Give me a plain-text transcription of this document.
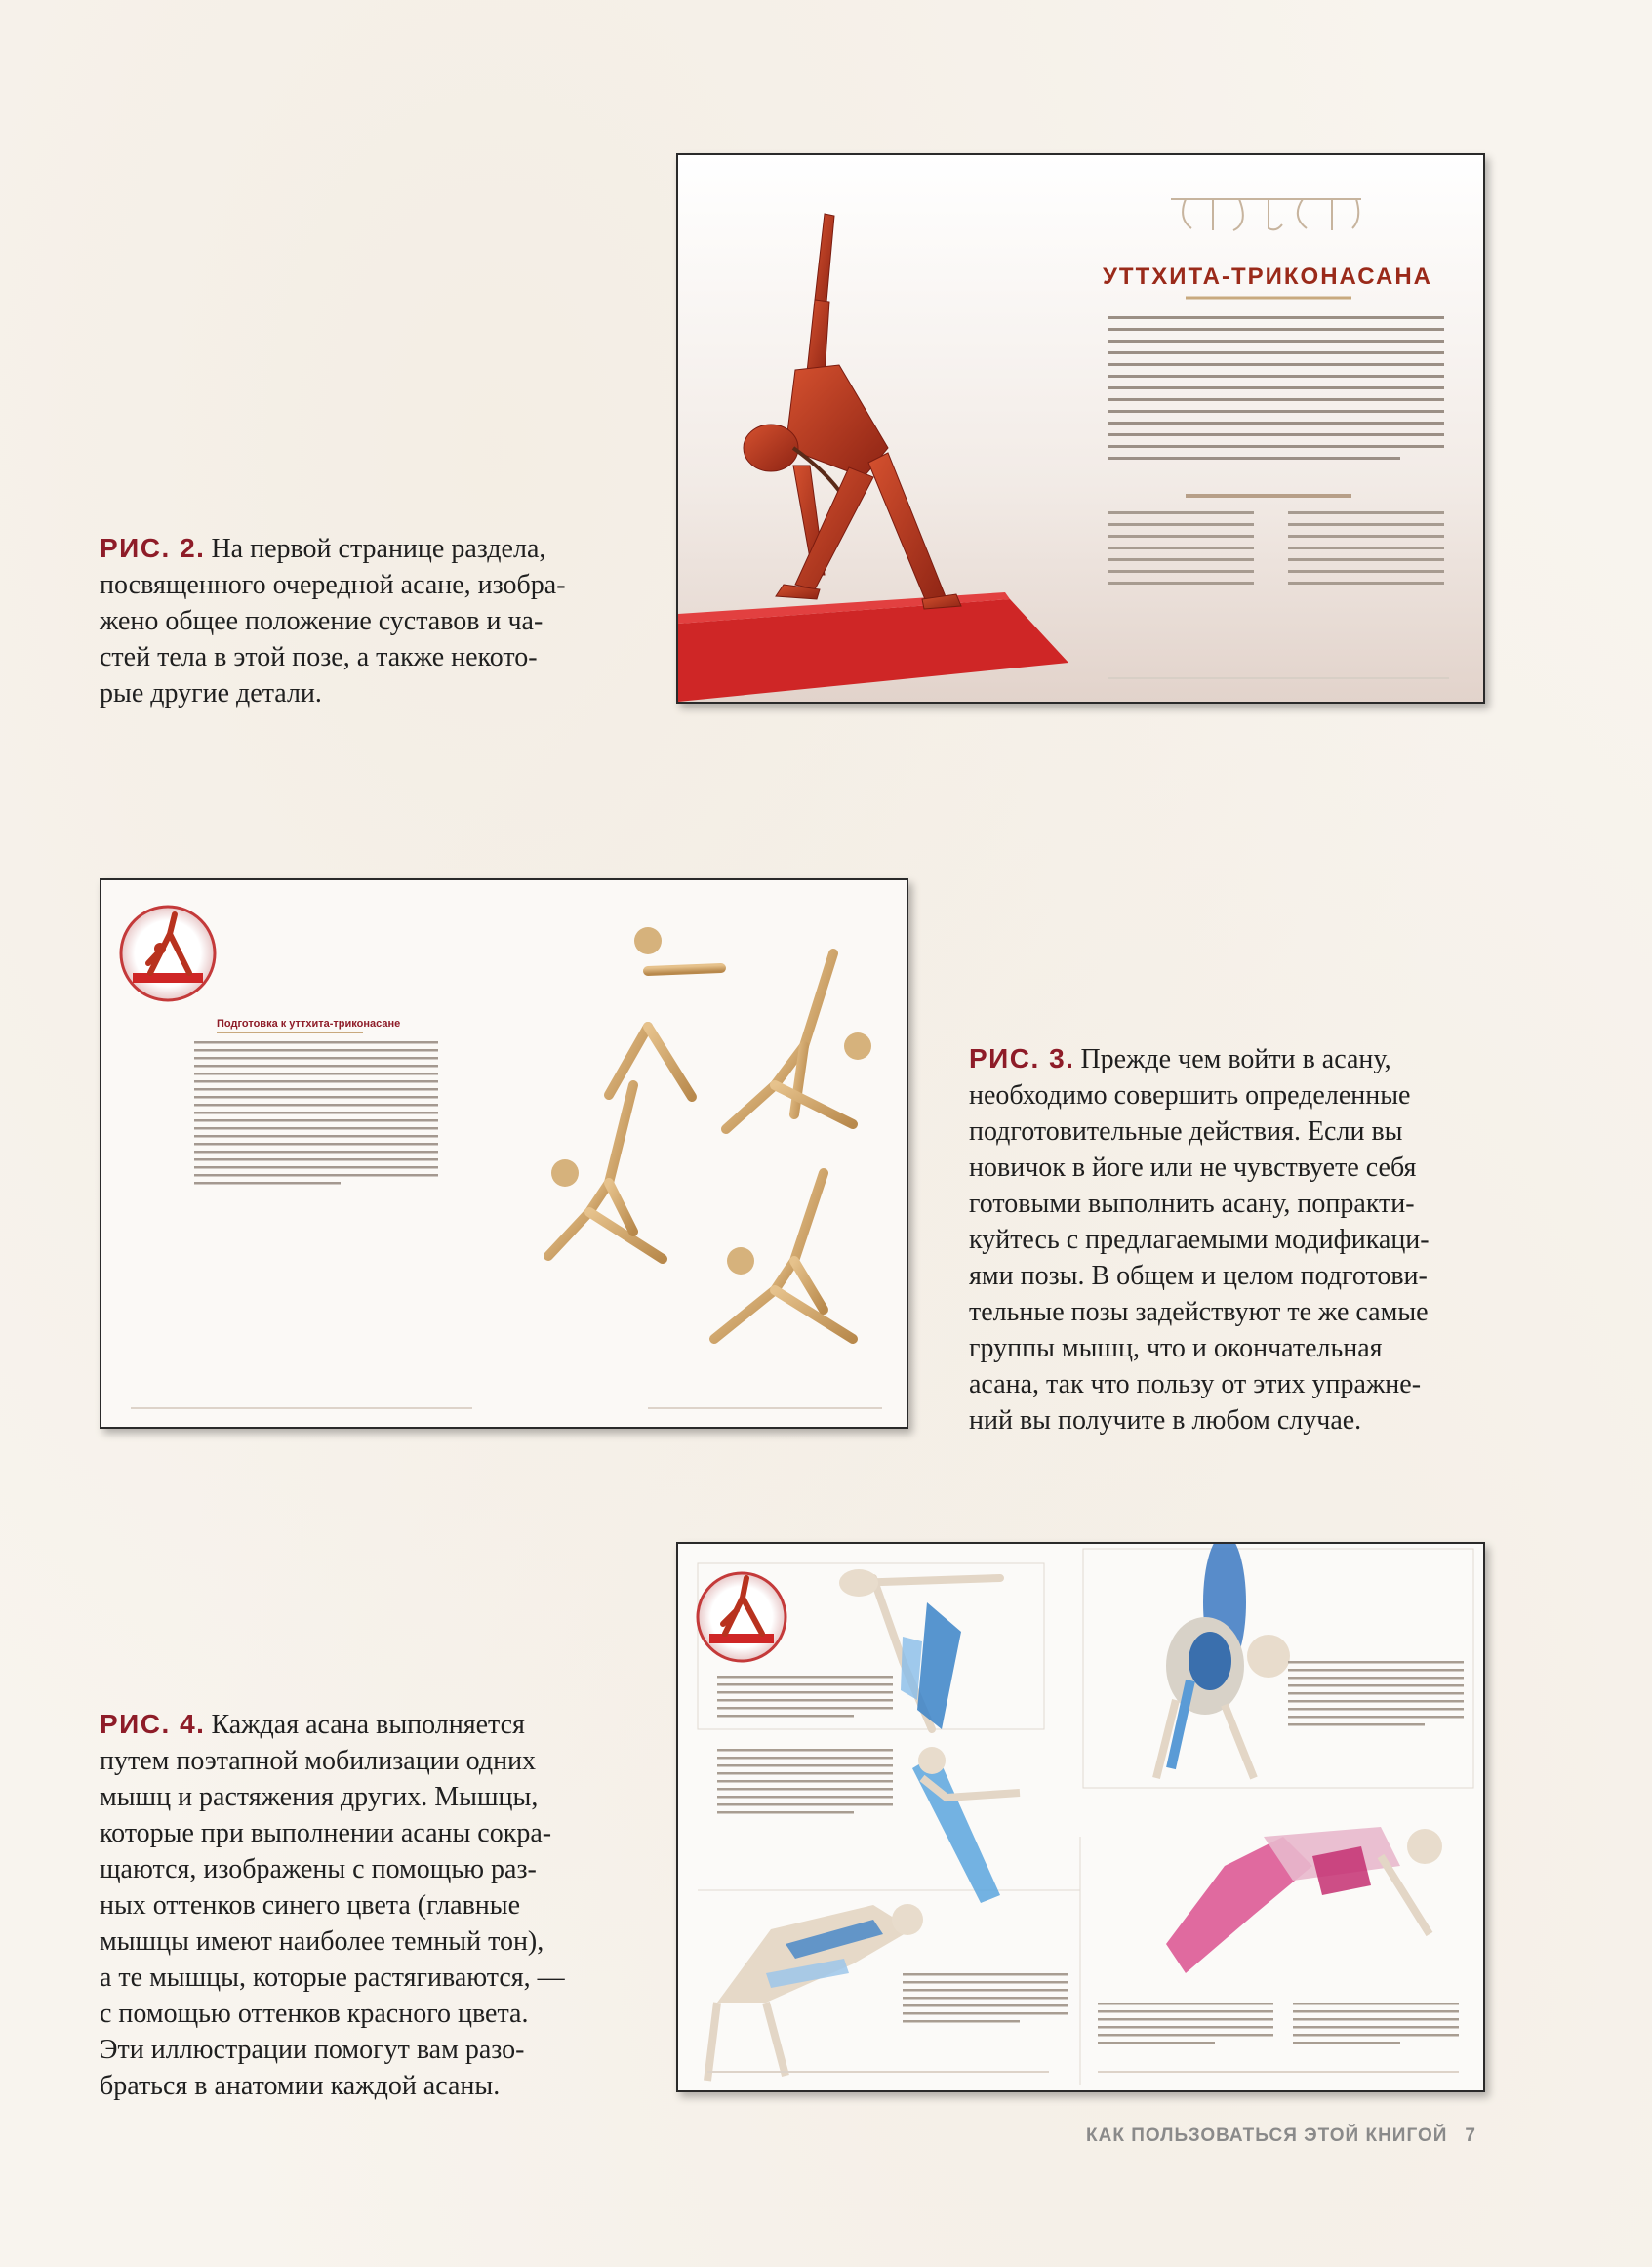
УТТХИТА-ТРИКОНАСАНА
РИС. 2. На первой странице раздела,
посвященного очередной асане, изобра-
жено общее положение суставов и ча-
стей тела в этой позе, а также некото-
рые другие детали.
Подготовка к уттхита-триконасане
РИС. 3. Прежде чем войти в асану,
необходимо совершить определенные
подготовительные действия. Если вы
новичок в йоге или не чувствуете себя
готовыми выполнить асану, попракти-
куйтесь с предлагаемыми модификаци-
ями позы. В общем и целом подготови-
тельные позы задействуют те же самые
группы мышц, что и окончательная
асана, так что пользу от этих упражне-
ний вы получите в любом случае.
РИС. 4. Каждая асана выполняется
путем поэтапной мобилизации одних
мышц и растяжения других. Мышцы,
которые при выполнении асаны сокра-
щаются, изображены с помощью раз-
ных оттенков синего цвета (главные
мышцы имеют наиболее темный тон),
а те мышцы, которые растягиваются, —
с помощью оттенков красного цвета.
Эти иллюстрации помогут вам разо-
браться в анатомии каждой асаны.
КАК ПОЛЬЗОВАТЬСЯ ЭТОЙ КНИГОЙ 7
